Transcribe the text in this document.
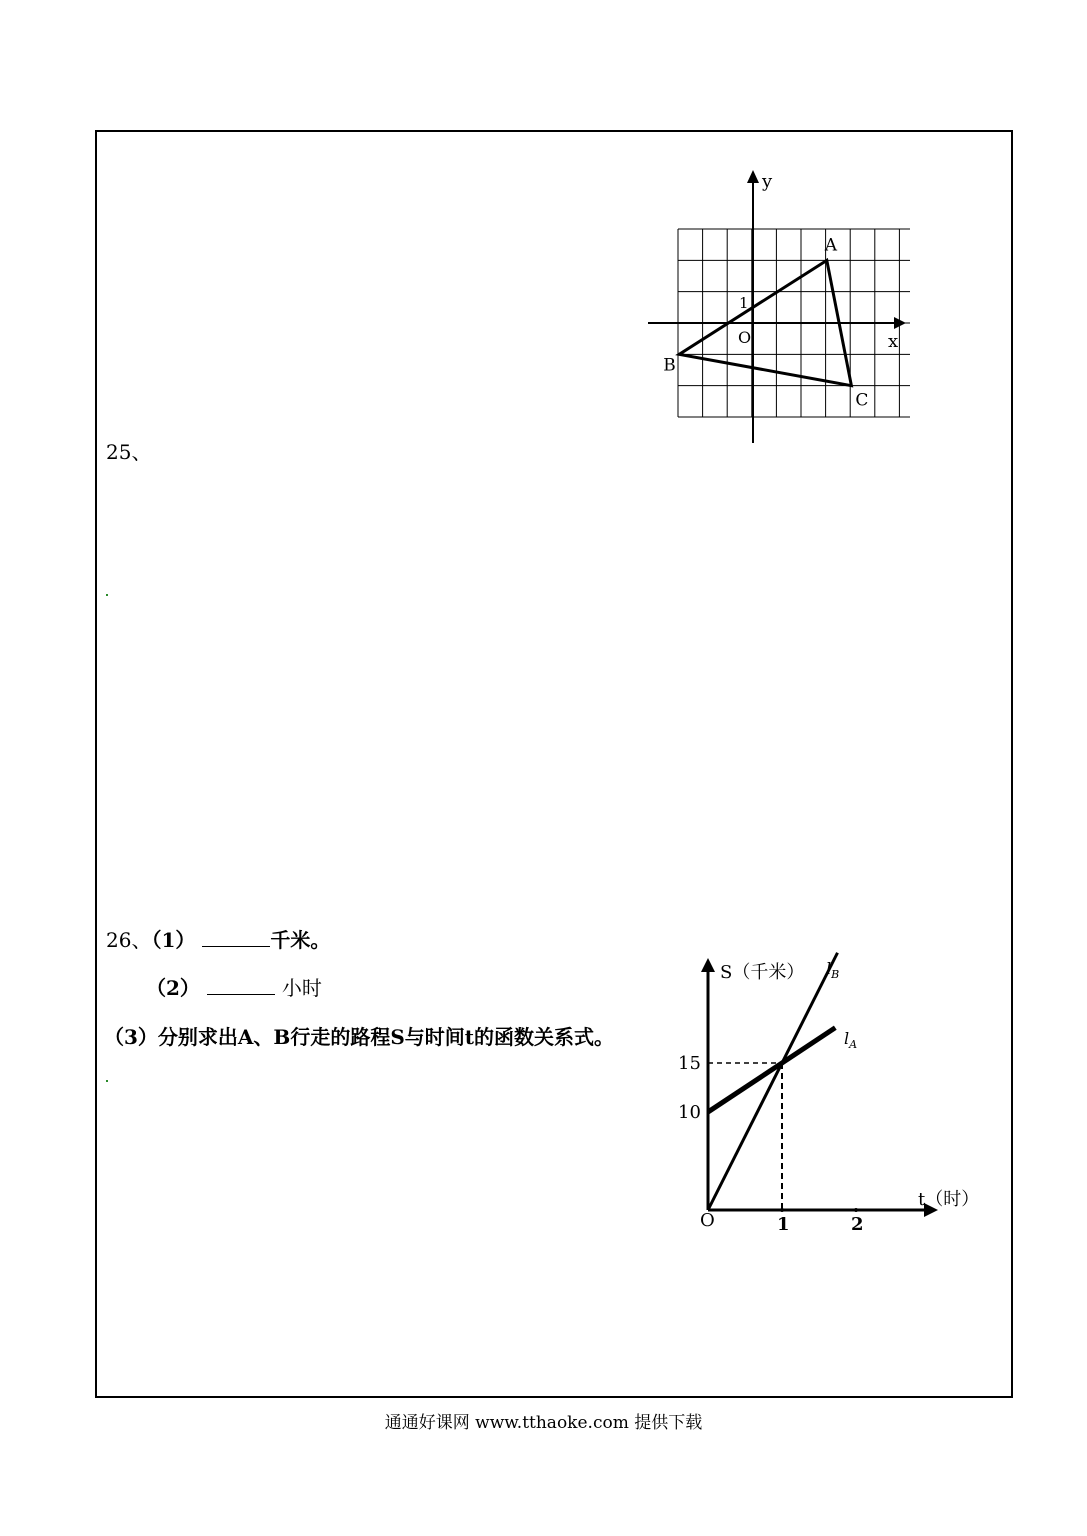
25、
y
x
O
1
A
B
C
26、（1）	千米。
（2）	小时
（3）分别求出A、B行走的路程S与时间t的函数关系式。
S（千米）
t（时）
O	1	2
10
15
$l_B$
$l_A$
通通好课网 www.tthaoke.com 提供下载
